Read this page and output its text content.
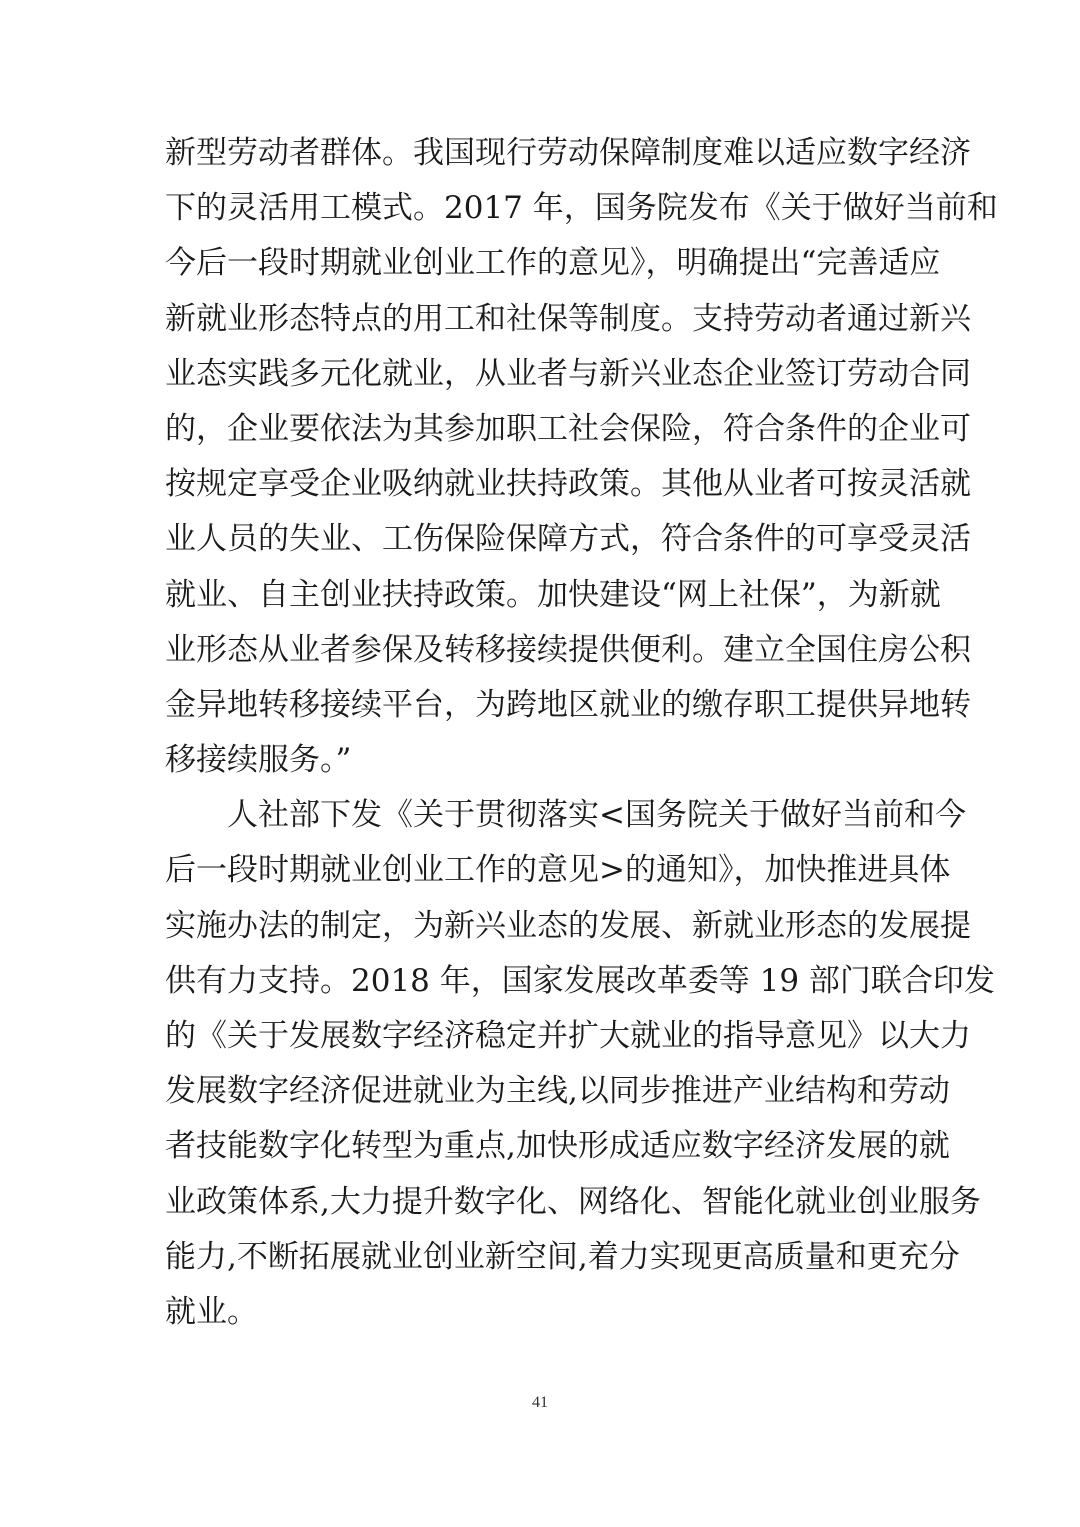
新型劳动者群体。我国现行劳动保障制度难以适应数字经济
下的灵活用工模式。2017 年，国务院发布《关于做好当前和
今后一段时期就业创业工作的意见》，明确提出“完善适应
新就业形态特点的用工和社保等制度。支持劳动者通过新兴
业态实践多元化就业，从业者与新兴业态企业签订劳动合同
的，企业要依法为其参加职工社会保险，符合条件的企业可
按规定享受企业吸纳就业扶持政策。其他从业者可按灵活就
业人员的失业、工伤保险保障方式，符合条件的可享受灵活
就业、自主创业扶持政策。加快建设“网上社保”，为新就
业形态从业者参保及转移接续提供便利。建立全国住房公积
金异地转移接续平台，为跨地区就业的缴存职工提供异地转
移接续服务。”
人社部下发《关于贯彻落实<国务院关于做好当前和今
后一段时期就业创业工作的意见>的通知》，加快推进具体
实施办法的制定，为新兴业态的发展、新就业形态的发展提
供有力支持。2018 年，国家发展改革委等 19 部门联合印发
的《关于发展数字经济稳定并扩大就业的指导意见》以大力
发展数字经济促进就业为主线,以同步推进产业结构和劳动
者技能数字化转型为重点,加快形成适应数字经济发展的就
业政策体系,大力提升数字化、网络化、智能化就业创业服务
能力,不断拓展就业创业新空间,着力实现更高质量和更充分
就业。
41
